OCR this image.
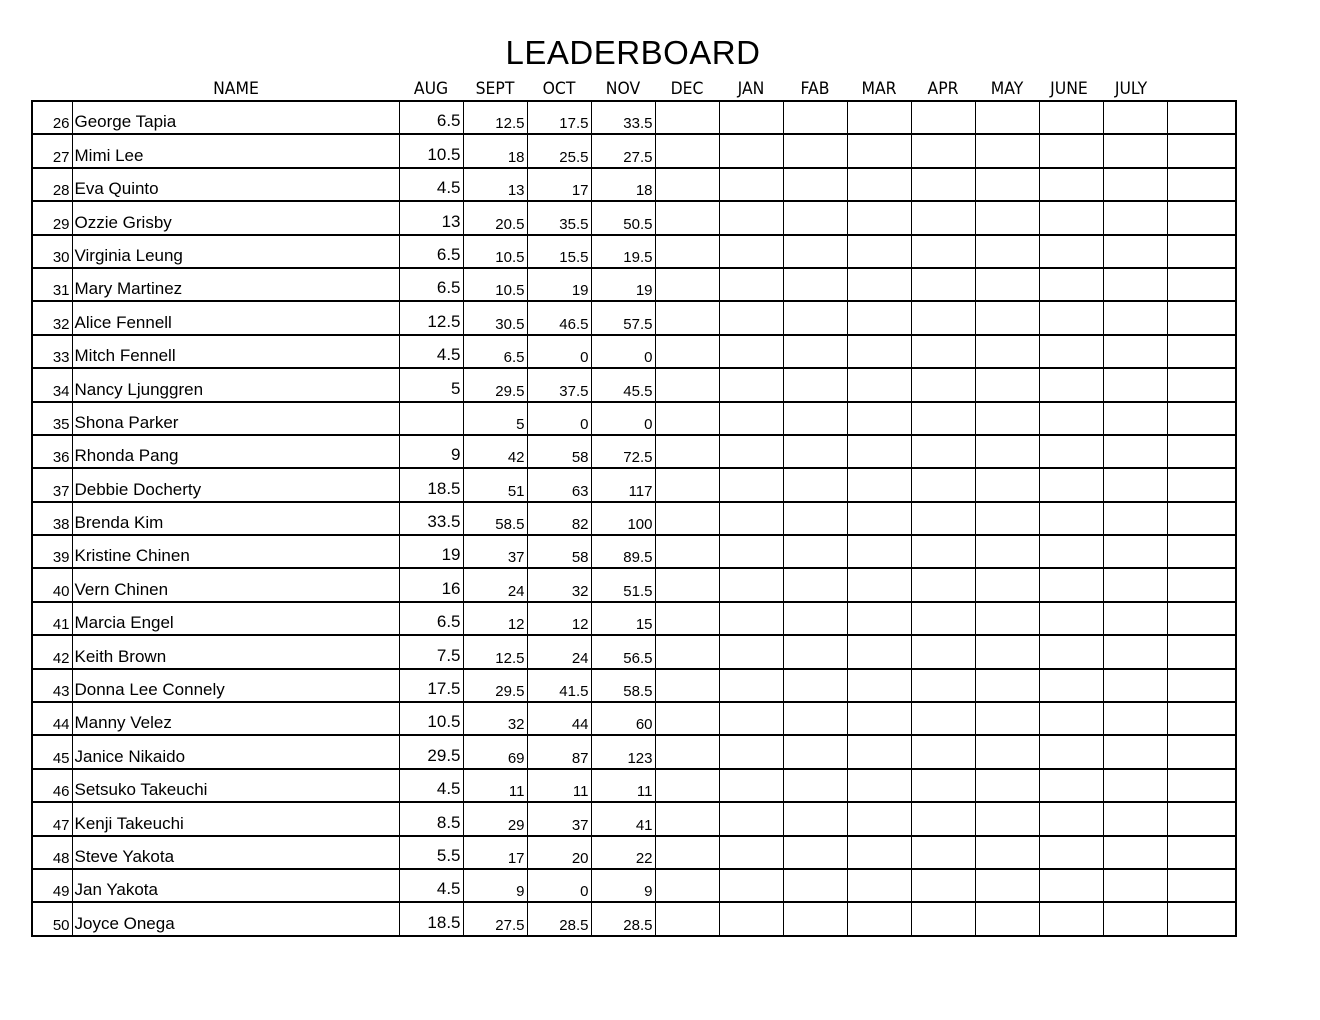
LEADERBOARD
NAME	AUG	SEPT	OCT	NOV	DEC	JAN	FAB	MAR	APR	MAY	JUNE	JULY
26	George Tapia	6.5	12.5	17.5	33.5									
27	Mimi Lee	10.5	18	25.5	27.5									
28	Eva Quinto	4.5	13	17	18									
29	Ozzie Grisby	13	20.5	35.5	50.5									
30	Virginia Leung	6.5	10.5	15.5	19.5									
31	Mary Martinez	6.5	10.5	19	19									
32	Alice Fennell	12.5	30.5	46.5	57.5									
33	Mitch Fennell	4.5	6.5	0	0									
34	Nancy Ljunggren	5	29.5	37.5	45.5									
35	Shona Parker		5	0	0									
36	Rhonda Pang	9	42	58	72.5									
37	Debbie Docherty	18.5	51	63	117									
38	Brenda Kim	33.5	58.5	82	100									
39	Kristine Chinen	19	37	58	89.5									
40	Vern Chinen	16	24	32	51.5									
41	Marcia Engel	6.5	12	12	15									
42	Keith Brown	7.5	12.5	24	56.5									
43	Donna Lee Connely	17.5	29.5	41.5	58.5									
44	Manny Velez	10.5	32	44	60									
45	Janice Nikaido	29.5	69	87	123									
46	Setsuko Takeuchi	4.5	11	11	11									
47	Kenji Takeuchi	8.5	29	37	41									
48	Steve Yakota	5.5	17	20	22									
49	Jan Yakota	4.5	9	0	9									
50	Joyce Onega	18.5	27.5	28.5	28.5									
